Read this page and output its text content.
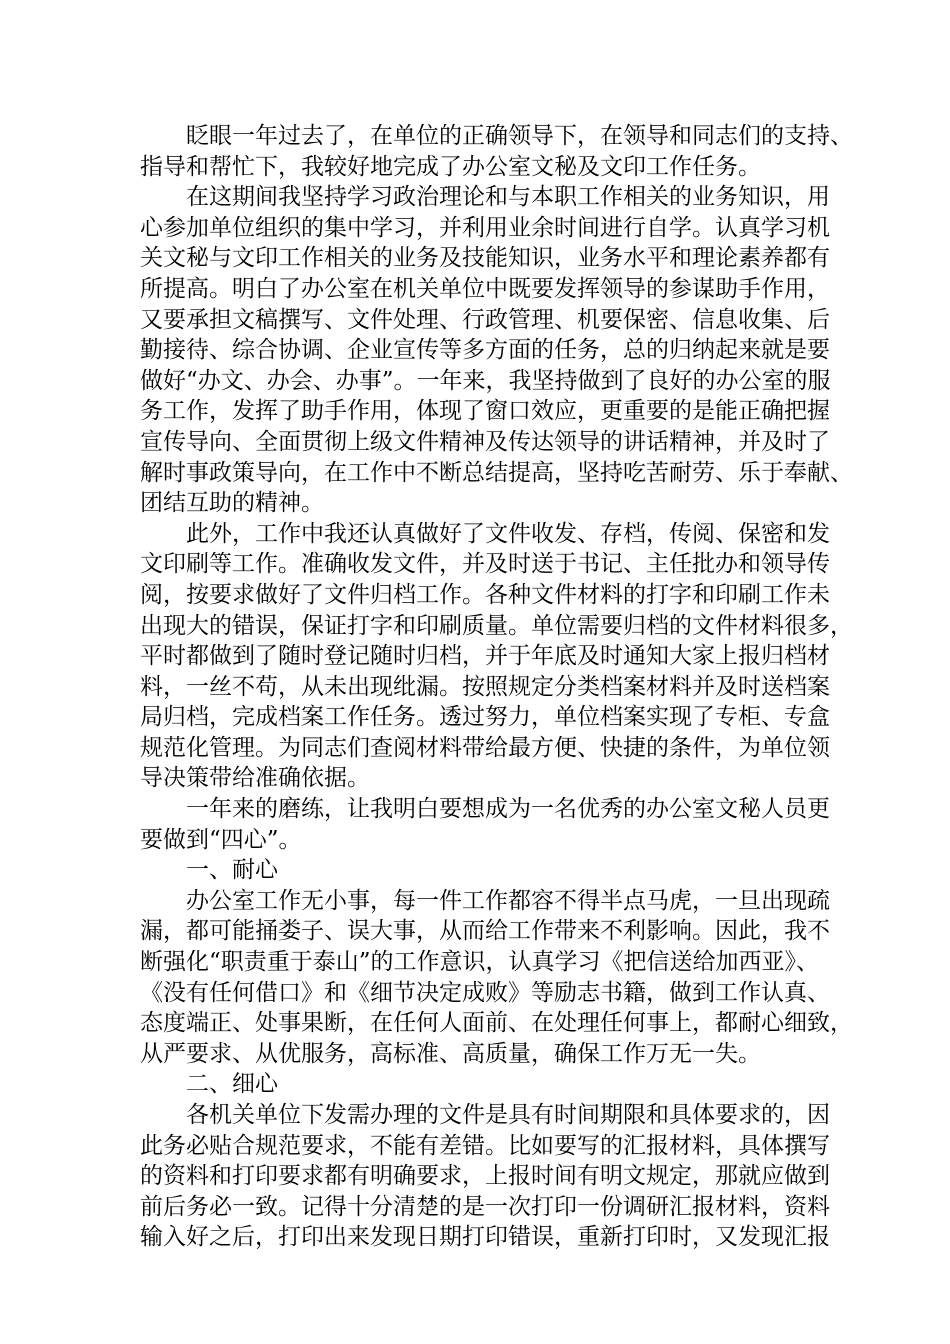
眨眼一年过去了，在单位的正确领导下，在领导和同志们的支持、
指导和帮忙下，我较好地完成了办公室文秘及文印工作任务。
在这期间我坚持学习政治理论和与本职工作相关的业务知识，用
心参加单位组织的集中学习，并利用业余时间进行自学。认真学习机
关文秘与文印工作相关的业务及技能知识，业务水平和理论素养都有
所提高。明白了办公室在机关单位中既要发挥领导的参谋助手作用，
又要承担文稿撰写、文件处理、行政管理、机要保密、信息收集、后
勤接待、综合协调、企业宣传等多方面的任务，总的归纳起来就是要
做好“办文、办会、办事”。一年来，我坚持做到了良好的办公室的服
务工作，发挥了助手作用，体现了窗口效应，更重要的是能正确把握
宣传导向、全面贯彻上级文件精神及传达领导的讲话精神，并及时了
解时事政策导向，在工作中不断总结提高，坚持吃苦耐劳、乐于奉献、
团结互助的精神。
此外，工作中我还认真做好了文件收发、存档，传阅、保密和发
文印刷等工作。准确收发文件，并及时送于书记、主任批办和领导传
阅，按要求做好了文件归档工作。各种文件材料的打字和印刷工作未
出现大的错误，保证打字和印刷质量。单位需要归档的文件材料很多，
平时都做到了随时登记随时归档，并于年底及时通知大家上报归档材
料，一丝不苟，从未出现纰漏。按照规定分类档案材料并及时送档案
局归档，完成档案工作任务。透过努力，单位档案实现了专柜、专盒
规范化管理。为同志们查阅材料带给最方便、快捷的条件，为单位领
导决策带给准确依据。
一年来的磨练，让我明白要想成为一名优秀的办公室文秘人员更
要做到“四心”。
一、耐心
办公室工作无小事，每一件工作都容不得半点马虎，一旦出现疏
漏，都可能捅娄子、误大事，从而给工作带来不利影响。因此，我不
断强化“职责重于泰山”的工作意识，认真学习《把信送给加西亚》、
《没有任何借口》和《细节决定成败》等励志书籍，做到工作认真、
态度端正、处事果断，在任何人面前、在处理任何事上，都耐心细致，
从严要求、从优服务，高标准、高质量，确保工作万无一失。
二、细心
各机关单位下发需办理的文件是具有时间期限和具体要求的，因
此务必贴合规范要求，不能有差错。比如要写的汇报材料，具体撰写
的资料和打印要求都有明确要求，上报时间有明文规定，那就应做到
前后务必一致。记得十分清楚的是一次打印一份调研汇报材料，资料
输入好之后，打印出来发现日期打印错误，重新打印时，又发现汇报
